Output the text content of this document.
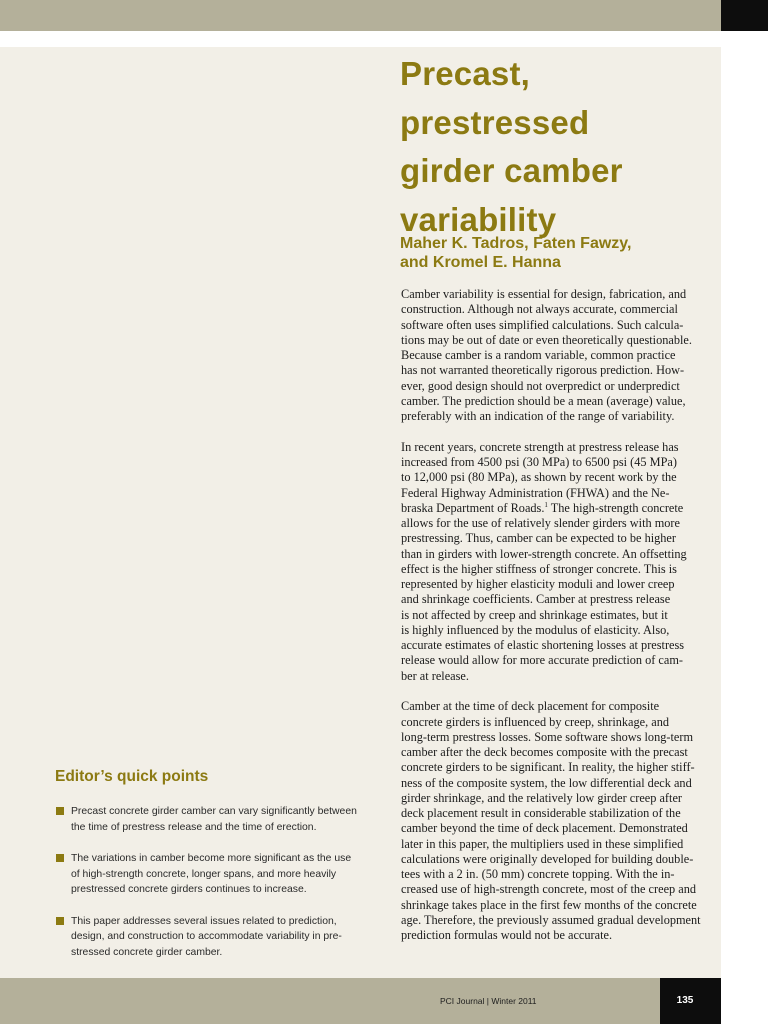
Precast,
prestressed
girder camber
variability
Maher K. Tadros, Faten Fawzy,
and Kromel E. Hanna

Camber variability is essential for design, fabrication, and
construction. Although not always accurate, commercial
software often uses simplified calculations. Such calcula-
tions may be out of date or even theoretically questionable.
Because camber is a random variable, common practice
has not warranted theoretically rigorous prediction. How-
ever, good design should not overpredict or underpredict
camber. The prediction should be a mean (average) value,
preferably with an indication of the range of variability.

In recent years, concrete strength at prestress release has
increased from 4500 psi (30 MPa) to 6500 psi (45 MPa)
to 12,000 psi (80 MPa), as shown by recent work by the
Federal Highway Administration (FHWA) and the Ne-
braska Department of Roads.$^1$ The high-strength concrete
allows for the use of relatively slender girders with more
prestressing. Thus, camber can be expected to be higher
than in girders with lower-strength concrete. An offsetting
effect is the higher stiffness of stronger concrete. This is
represented by higher elasticity moduli and lower creep
and shrinkage coefficients. Camber at prestress release
is not affected by creep and shrinkage estimates, but it
is highly influenced by the modulus of elasticity. Also,
accurate estimates of elastic shortening losses at prestress
release would allow for more accurate prediction of cam-
ber at release.

Camber at the time of deck placement for composite
concrete girders is influenced by creep, shrinkage, and
long-term prestress losses. Some software shows long-term
camber after the deck becomes composite with the precast
concrete girders to be significant. In reality, the higher stiff-
ness of the composite system, the low differential deck and
girder shrinkage, and the relatively low girder creep after
deck placement result in considerable stabilization of the
camber beyond the time of deck placement. Demonstrated
later in this paper, the multipliers used in these simplified
calculations were originally developed for building double-
tees with a 2 in. (50 mm) concrete topping. With the in-
creased use of high-strength concrete, most of the creep and
shrinkage takes place in the first few months of the concrete
age. Therefore, the previously assumed gradual development
prediction formulas would not be accurate.

Editor’s quick points
Precast concrete girder camber can vary significantly between
the time of prestress release and the time of erection.
The variations in camber become more significant as the use
of high-strength concrete, longer spans, and more heavily
prestressed concrete girders continues to increase.
This paper addresses several issues related to prediction,
design, and construction to accommodate variability in pre-
stressed concrete girder camber.
PCI Journal | Winter 2011	135
